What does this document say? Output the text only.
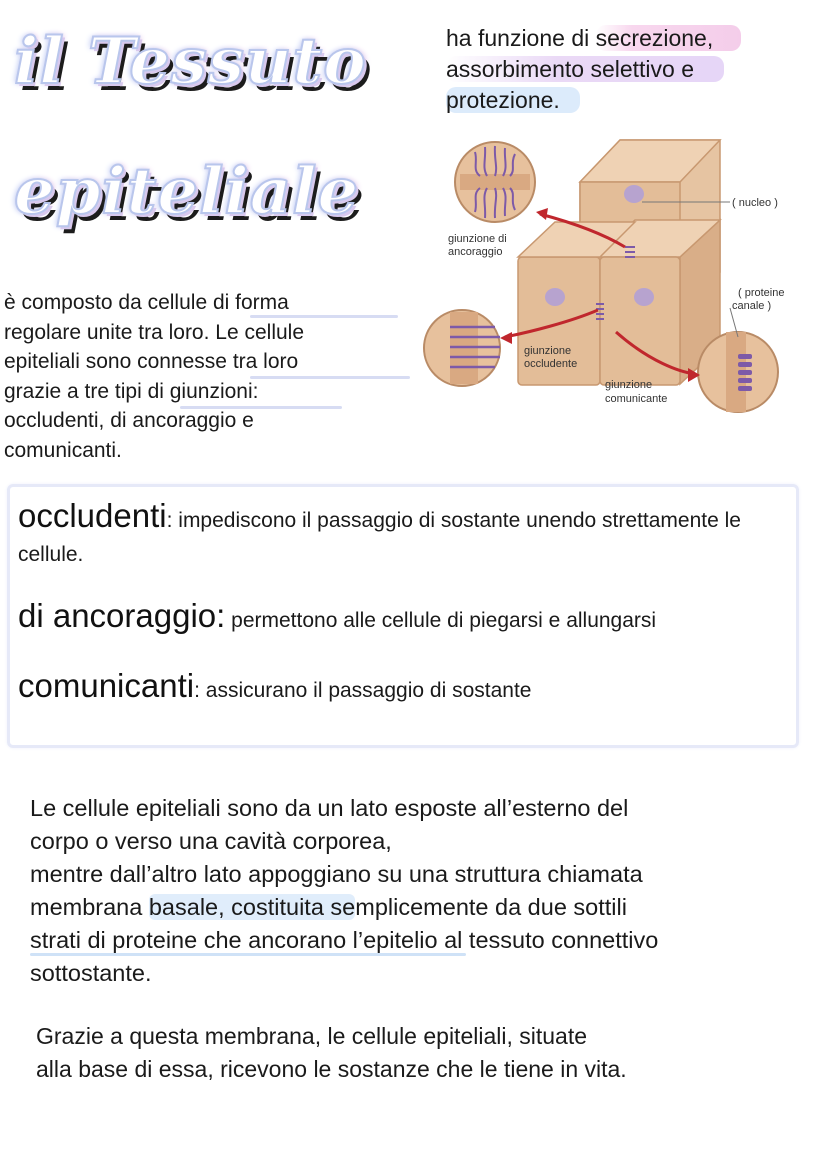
il Tessuto
epiteliale
ha funzione di secrezione,
assorbimento selettivo e
protezione.
( nucleo )
giunzione di
ancoraggio
( proteine
canale )
giunzione
occludente
giunzione
comunicante
è composto da cellule di forma
regolare unite tra loro. Le cellule
epiteliali sono connesse tra loro
grazie a tre tipi di giunzioni:
occludenti, di ancoraggio e
comunicanti.
occludenti: impediscono il passaggio di sostante unendo strettamente le cellule.
di ancoraggio: permettono alle cellule di piegarsi e allungarsi
comunicanti: assicurano il passaggio di sostante
Le cellule epiteliali sono da un lato esposte all’esterno del
corpo o verso una cavità corporea,
mentre dall’altro lato appoggiano su una struttura chiamata
membrana basale, costituita semplicemente da due sottili
strati di proteine che ancorano l’epitelio al tessuto connettivo
sottostante.
Grazie a questa membrana, le cellule epiteliali, situate
alla base di essa, ricevono le sostanze che le tiene in vita.
